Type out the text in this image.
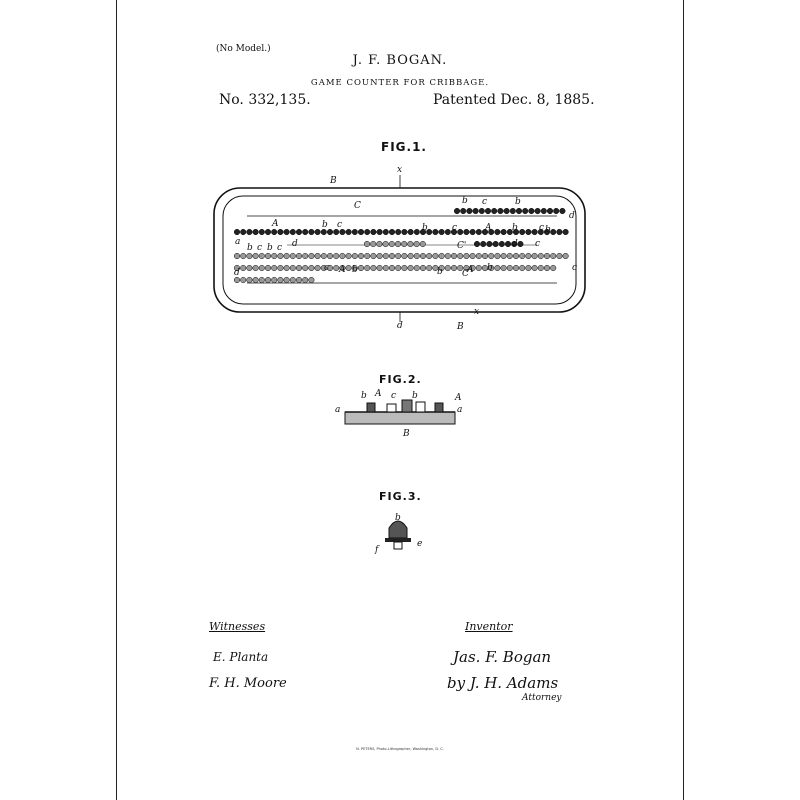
(No Model.)
J. F. BOGAN.
GAME COUNTER FOR CRIBBAGE.
No. 332,135.	Patented Dec. 8, 1885.
FIG.1.
FIG.2.
FIG.3.
B
x
C	b c	b
d
A	b c	b	c	A b c
a	d	C'	d c
b
d
b c b c
A b
c	b C
A b	c
d
x
B
b A c b	A
a	a
B
b
f
e
Witnesses	Inventor
E. Planta
F. H. Moore
Jas. F. Bogan
by J. H. Adams
Attorney
N. PETERS, Photo-Lithographer, Washington, D. C.
